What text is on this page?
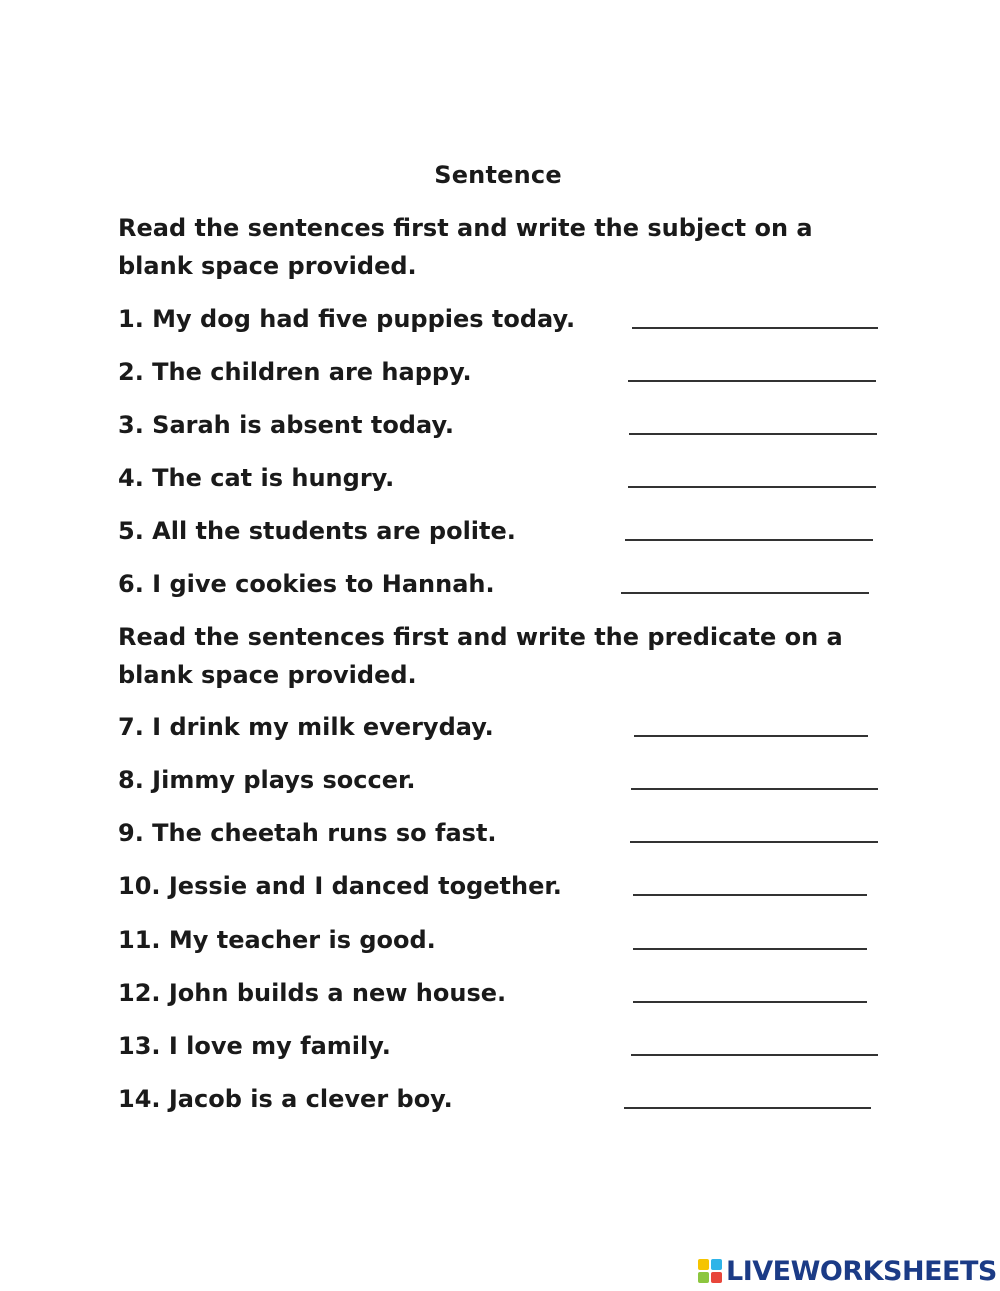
Sentence
Read the sentences first and write the subject on a blank space provided.
1. My dog had five puppies today.
2. The children are happy.
3. Sarah is absent today.
4. The cat is hungry.
5. All the students are polite.
6. I give cookies to Hannah.
Read the sentences first and write the predicate on a blank space provided.
7. I drink my milk everyday.
8. Jimmy plays soccer.
9. The cheetah runs so fast.
10. Jessie and I danced together.
11. My teacher is good.
12. John builds a new house.
13. I love my family.
14. Jacob is a clever boy.
LIVEWORKSHEETS
